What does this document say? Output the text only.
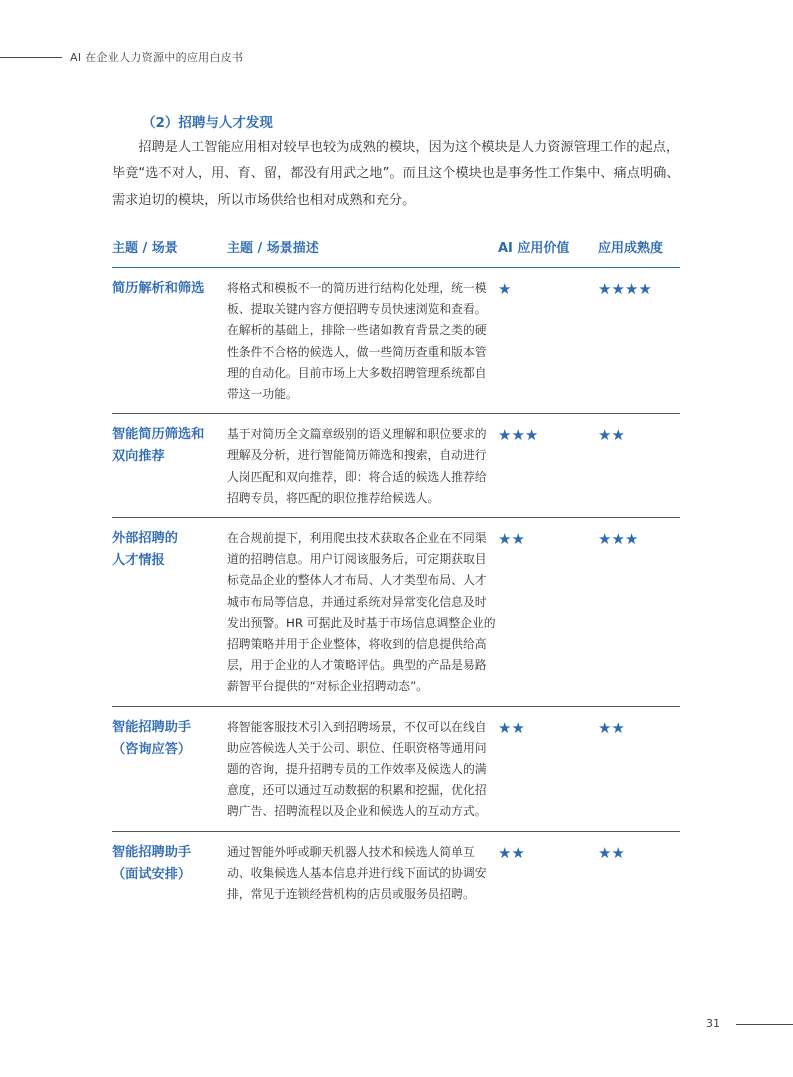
AI 在企业人力资源中的应用白皮书
（2）招聘与人才发现

招聘是人工智能应用相对较早也较为成熟的模块，因为这个模块是人力资源管理工作的起点，毕竟“选不对人，用、育、留，都没有用武之地”。而且这个模块也是事务性工作集中、痛点明确、需求迫切的模块，所以市场供给也相对成熟和充分。

主题 / 场景	主题 / 场景描述	AI 应用价值	应用成熟度

简历解析和筛选	将格式和模板不一的简历进行结构化处理，统一模板、提取关键内容方便招聘专员快速浏览和查看。在解析的基础上，排除一些诸如教育背景之类的硬性条件不合格的候选人，做一些简历查重和版本管理的自动化。目前市场上大多数招聘管理系统都自带这一功能。	★	★★★★

智能简历筛选和
双向推荐	基于对简历全文篇章级别的语义理解和职位要求的理解及分析，进行智能简历筛选和搜索，自动进行人岗匹配和双向推荐，即：将合适的候选人推荐给招聘专员，将匹配的职位推荐给候选人。	★★★	★★

外部招聘的
人才情报	在合规前提下，利用爬虫技术获取各企业在不同渠道的招聘信息。用户订阅该服务后，可定期获取目标竞品企业的整体人才布局、人才类型布局、人才城市布局等信息，并通过系统对异常变化信息及时发出预警。HR 可据此及时基于市场信息调整企业的招聘策略并用于企业整体，将收到的信息提供给高层，用于企业的人才策略评估。典型的产品是易路薪智平台提供的“对标企业招聘动态”。	★★	★★★

智能招聘助手
（咨询应答）	将智能客服技术引入到招聘场景，不仅可以在线自助应答候选人关于公司、职位、任职资格等通用问题的咨询，提升招聘专员的工作效率及候选人的满意度，还可以通过互动数据的积累和挖掘，优化招聘广告、招聘流程以及企业和候选人的互动方式。	★★	★★

智能招聘助手
（面试安排）	通过智能外呼或聊天机器人技术和候选人简单互动、收集候选人基本信息并进行线下面试的协调安排，常见于连锁经营机构的店员或服务员招聘。	★★	★★
31
